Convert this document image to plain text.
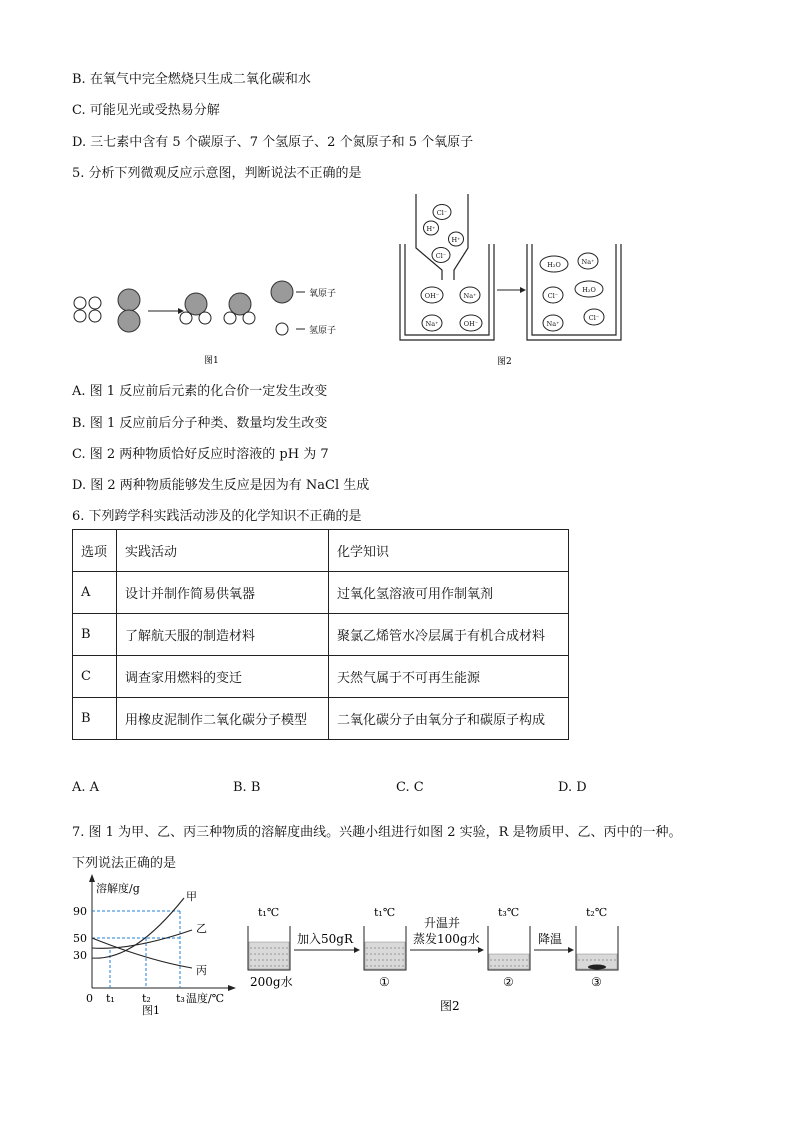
B. 在氧气中完全燃烧只生成二氧化碳和水
C. 可能见光或受热易分解
D. 三七素中含有 5 个碳原子、7 个氢原子、2 个氮原子和 5 个氧原子
5. 分析下列微观反应示意图，判断说法不正确的是
氧原子
氢原子
图1
Cl⁻
H⁺
H⁺
Cl⁻
OH⁻	Na⁺
Na⁺	OH⁻
H₂O	Na⁺
Cl⁻
H₂O
Na⁺
Cl⁻
图2
A. 图 1 反应前后元素的化合价一定发生改变
B. 图 1 反应前后分子种类、数量均发生改变
C. 图 2 两种物质恰好反应时溶液的 pH 为 7
D. 图 2 两种物质能够发生反应是因为有 NaCl 生成
6. 下列跨学科实践活动涉及的化学知识不正确的是
选项	实践活动	化学知识
A	设计并制作简易供氧器	过氧化氢溶液可用作制氧剂
B	了解航天服的制造材料	聚氯乙烯管水冷层属于有机合成材料
C	调查家用燃料的变迁	天然气属于不可再生能源
B	用橡皮泥制作二氧化碳分子模型	二氧化碳分子由氧分子和碳原子构成
A. A	B. B	C. C	D. D
7. 图 1 为甲、乙、丙三种物质的溶解度曲线。兴趣小组进行如图 2 实验，R 是物质甲、乙、丙中的一种。
下列说法正确的是
溶解度/g
90
50
30
0 t₁ t₂ t₃ 温度/℃
甲
乙
丙
图1
t₁℃	t₁℃	t₃℃	t₂℃
加入50gR
升温并
蒸发100g水	降温
200g水	①	②	③
图2
